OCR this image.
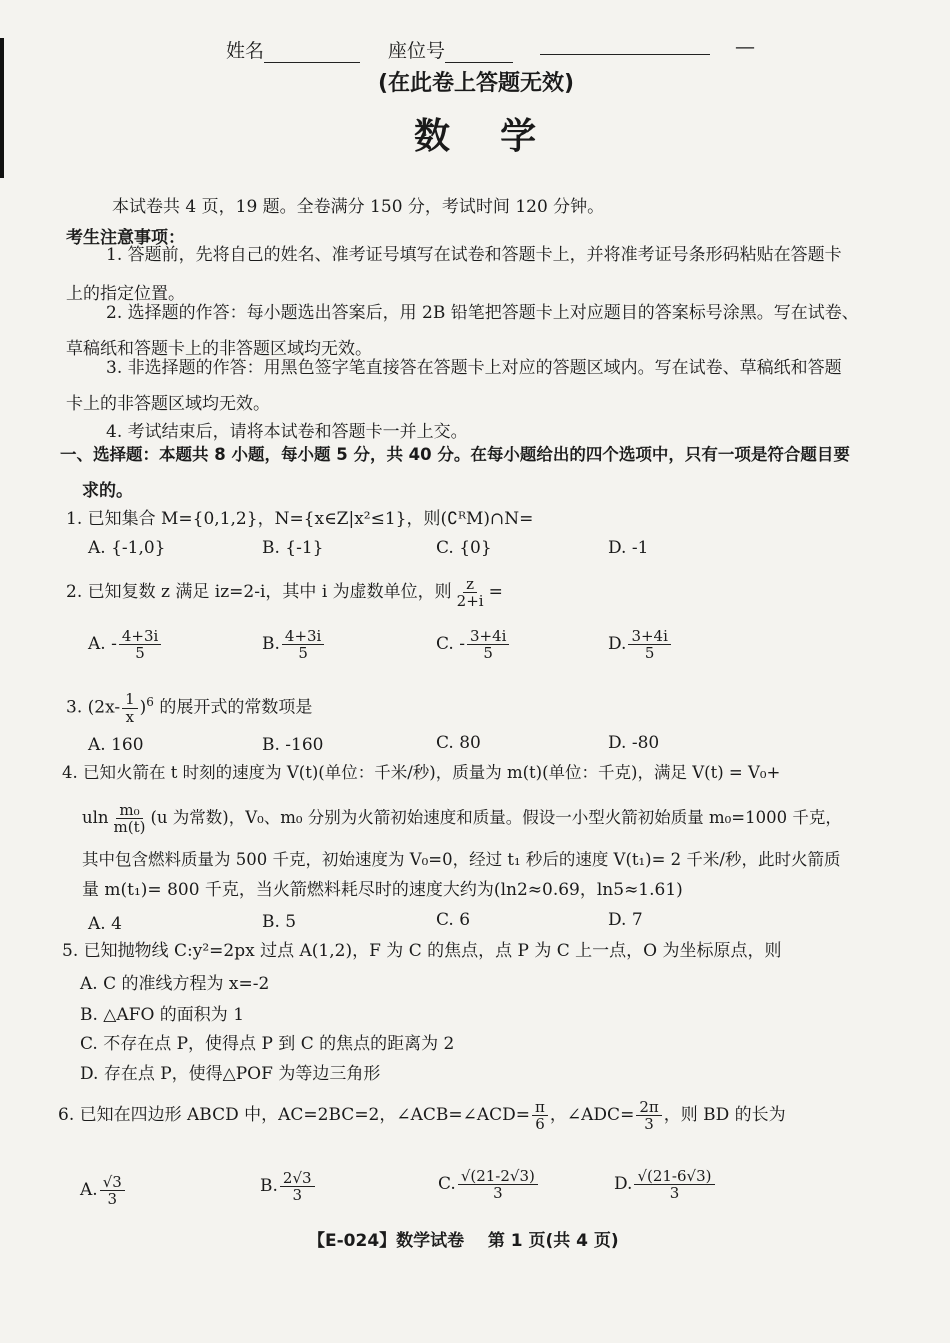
姓名	座位号	—
(在此卷上答题无效)
数    学
本试卷共 4 页，19 题。全卷满分 150 分，考试时间 120 分钟。
考生注意事项：
1. 答题前，先将自己的姓名、准考证号填写在试卷和答题卡上，并将准考证号条形码粘贴在答题卡
上的指定位置。
2. 选择题的作答：每小题选出答案后，用 2B 铅笔把答题卡上对应题目的答案标号涂黑。写在试卷、
草稿纸和答题卡上的非答题区域均无效。
3. 非选择题的作答：用黑色签字笔直接答在答题卡上对应的答题区域内。写在试卷、草稿纸和答题
卡上的非答题区域均无效。
4. 考试结束后，请将本试卷和答题卡一并上交。
一、选择题：本题共 8 小题，每小题 5 分，共 40 分。在每小题给出的四个选项中，只有一项是符合题目要
求的。
1. 已知集合 M={0,1,2}，N={x∈Z|x²≤1}，则(∁ᴿM)∩N=
A. {-1,0}	B. {-1}	C. {0}	D. -1
2. 已知复数 z 满足 iz=2-i，其中 i 为虚数单位，则 $\frac{z}{2+i}$ =
A. - $\frac{4+3i}{5}$	B. $\frac{4+3i}{5}$	C. - $\frac{3+4i}{5}$	D. $\frac{3+4i}{5}$
3. $(2x- \frac{1}{x} )^6$ 的展开式的常数项是
A. 160	B. -160	C. 80	D. -80
4. 已知火箭在 t 时刻的速度为 V(t)(单位：千米/秒)，质量为 m(t)(单位：千克)，满足 V(t) = V₀+
uln $\frac{\text{m₀}}{m(t)} (u$ 为常数)，V₀、m₀ 分别为火箭初始速度和质量。假设一小型火箭初始质量 m₀=1000 千克，
其中包含燃料质量为 500 千克，初始速度为 V₀=0，经过 t₁ 秒后的速度 V(t₁)= 2 千米/秒，此时火箭质
量 m(t₁)= 800 千克，当火箭燃料耗尽时的速度大约为(ln2≈0.69，ln5≈1.61)
A. 4	B. 5	C. 6	D. 7
5. 已知抛物线 C:y²=2px 过点 A(1,2)，F 为 C 的焦点，点 P 为 C 上一点，O 为坐标原点，则
A. C 的准线方程为 x=-2
B. △AFO 的面积为 1
C. 不存在点 P，使得点 P 到 C 的焦点的距离为 2
D. 存在点 P，使得△POF 为等边三角形
6. 已知在四边形 ABCD 中，AC=2BC=2，∠ACB=∠ACD= $\frac{\pi}{6}$ ，∠ADC= $\frac{2\pi}{3}$ ，则 BD 的长为
A. $\frac{√3}{3}$	B. $\frac{2√3}{3}$	C. $\frac{√(21-2√3)}{3}$	D. $\frac{√(21-6√3)}{3}$
【E-024】数学试卷    第 1 页(共 4 页)
